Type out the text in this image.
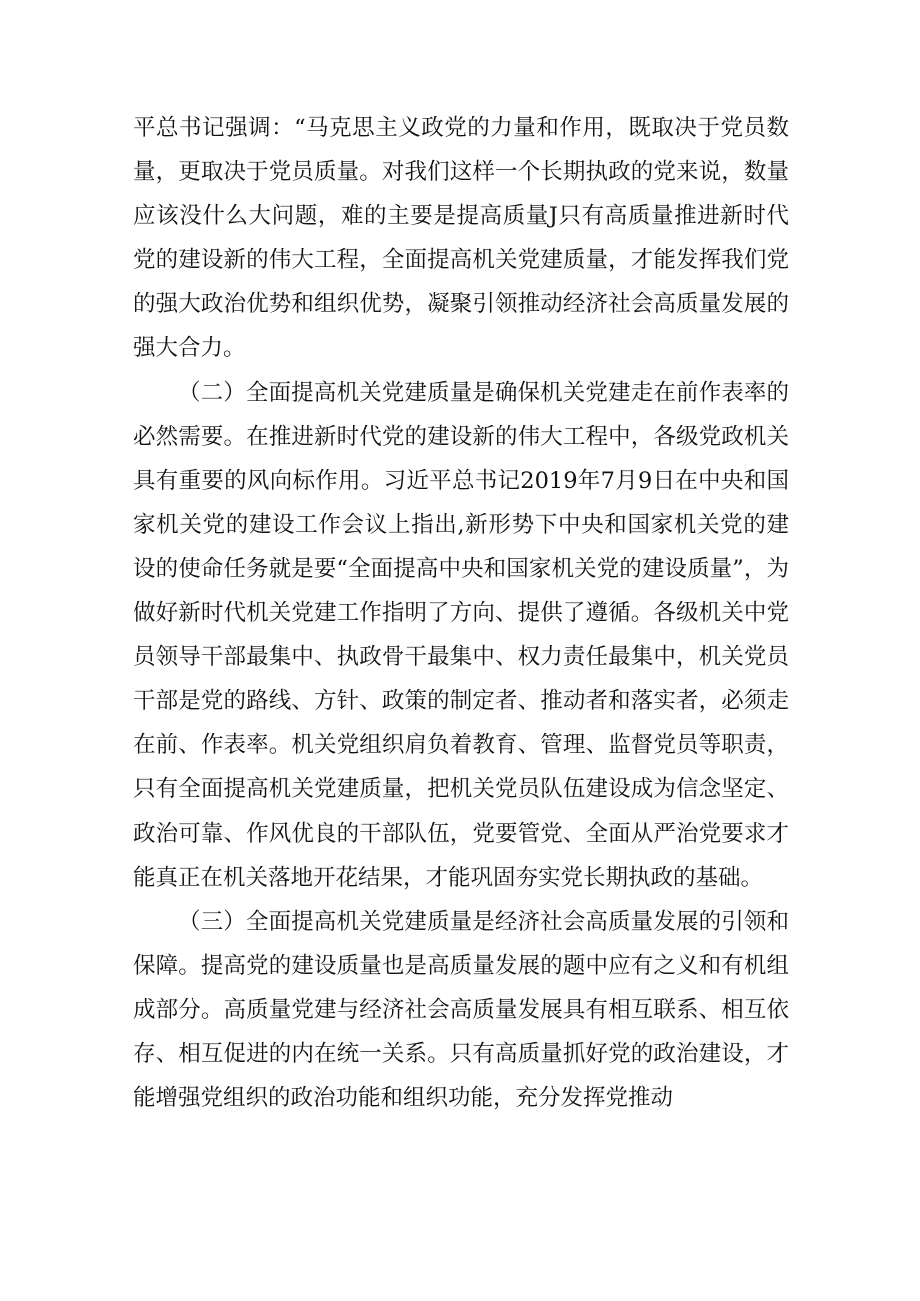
平总书记强调：“马克思主义政党的力量和作用，既取决于党员数量，更取决于党员质量。对我们这样一个长期执政的党来说，数量应该没什么大问题，难的主要是提高质量J只有高质量推进新时代党的建设新的伟大工程，全面提高机关党建质量，才能发挥我们党的强大政治优势和组织优势，凝聚引领推动经济社会高质量发展的强大合力。

（二）全面提高机关党建质量是确保机关党建走在前作表率的必然需要。在推进新时代党的建设新的伟大工程中，各级党政机关具有重要的风向标作用。习近平总书记2019年7月9日在中央和国家机关党的建设工作会议上指出,新形势下中央和国家机关党的建设的使命任务就是要“全面提高中央和国家机关党的建设质量”，为做好新时代机关党建工作指明了方向、提供了遵循。各级机关中党员领导干部最集中、执政骨干最集中、权力责任最集中，机关党员干部是党的路线、方针、政策的制定者、推动者和落实者，必须走在前、作表率。机关党组织肩负着教育、管理、监督党员等职责，只有全面提高机关党建质量，把机关党员队伍建设成为信念坚定、政治可靠、作风优良的干部队伍，党要管党、全面从严治党要求才能真正在机关落地开花结果，才能巩固夯实党长期执政的基础。

（三）全面提高机关党建质量是经济社会高质量发展的引领和保障。提高党的建设质量也是高质量发展的题中应有之义和有机组成部分。高质量党建与经济社会高质量发展具有相互联系、相互依存、相互促进的内在统一关系。只有高质量抓好党的政治建设，才能增强党组织的政治功能和组织功能，充分发挥党推动
